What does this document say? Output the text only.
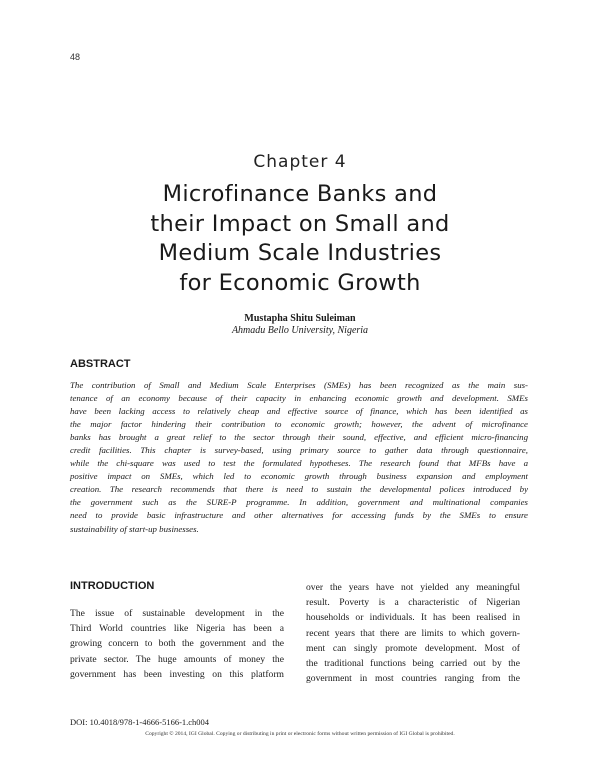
48
Chapter 4
Microfinance Banks and
their Impact on Small and
Medium Scale Industries
for Economic Growth
Mustapha Shitu Suleiman
Ahmadu Bello University, Nigeria
ABSTRACT
The contribution of Small and Medium Scale Enterprises (SMEs) has been recognized as the main sus-
tenance of an economy because of their capacity in enhancing economic growth and development. SMEs
have been lacking access to relatively cheap and effective source of finance, which has been identified as
the major factor hindering their contribution to economic growth; however, the advent of microfinance
banks has brought a great relief to the sector through their sound, effective, and efficient micro-financing
credit facilities. This chapter is survey-based, using primary source to gather data through questionnaire,
while the chi-square was used to test the formulated hypotheses. The research found that MFBs have a
positive impact on SMEs, which led to economic growth through business expansion and employment
creation. The research recommends that there is need to sustain the developmental polices introduced by
the government such as the SURE-P programme. In addition, government and multinational companies
need to provide basic infrastructure and other alternatives for accessing funds by the SMEs to ensure
sustainability of start-up businesses.
INTRODUCTION
The issue of sustainable development in the
Third World countries like Nigeria has been a
growing concern to both the government and the
private sector. The huge amounts of money the
government has been investing on this platform
over the years have not yielded any meaningful
result. Poverty is a characteristic of Nigerian
households or individuals. It has been realised in
recent years that there are limits to which govern-
ment can singly promote development. Most of
the traditional functions being carried out by the
government in most countries ranging from the
DOI: 10.4018/978-1-4666-5166-1.ch004
Copyright © 2014, IGI Global. Copying or distributing in print or electronic forms without written permission of IGI Global is prohibited.
